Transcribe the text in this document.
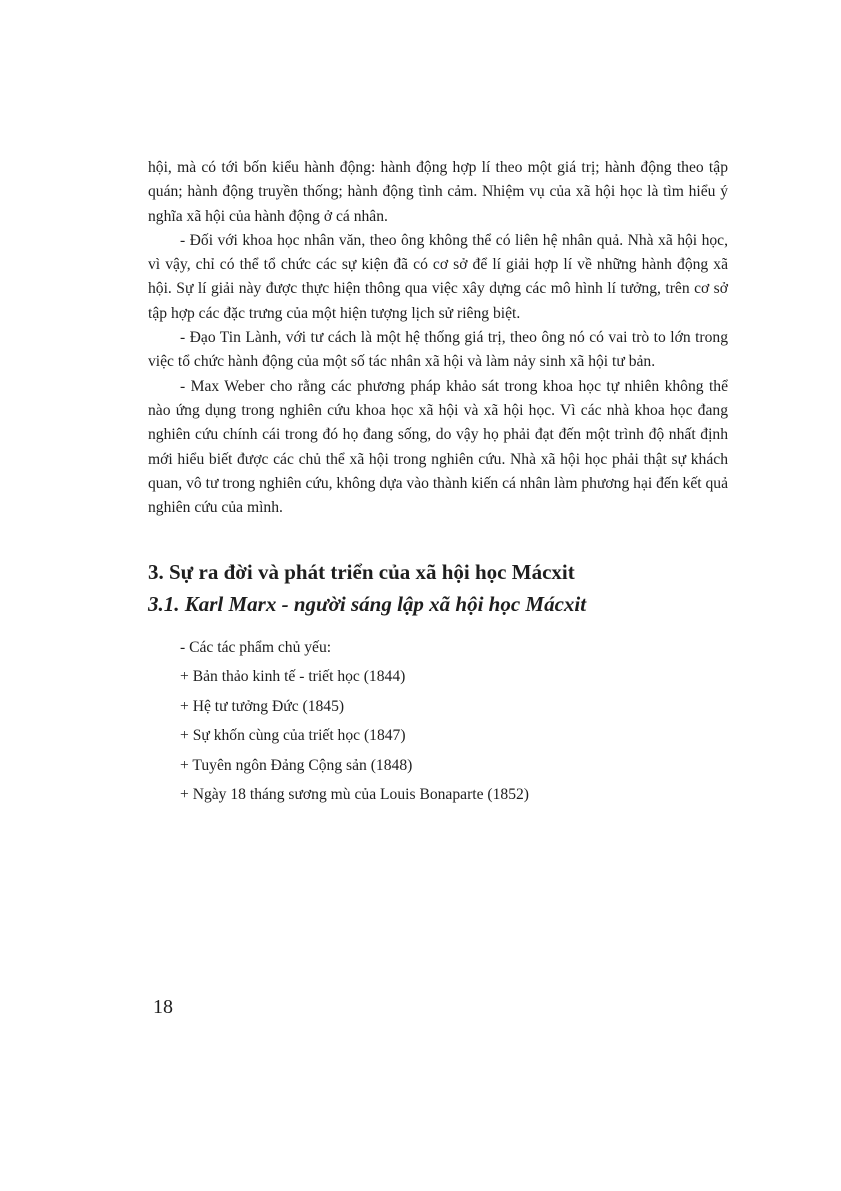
hội, mà có tới bốn kiểu hành động: hành động hợp lí theo một giá trị; hành động theo tập quán; hành động truyền thống; hành động tình cảm. Nhiệm vụ của xã hội học là tìm hiểu ý nghĩa xã hội của hành động ở cá nhân.

- Đối với khoa học nhân văn, theo ông không thể có liên hệ nhân quả. Nhà xã hội học, vì vậy, chỉ có thể tổ chức các sự kiện đã có cơ sở để lí giải hợp lí về những hành động xã hội. Sự lí giải này được thực hiện thông qua việc xây dựng các mô hình lí tưởng, trên cơ sở tập hợp các đặc trưng của một hiện tượng lịch sử riêng biệt.

- Đạo Tin Lành, với tư cách là một hệ thống giá trị, theo ông nó có vai trò to lớn trong việc tổ chức hành động của một số tác nhân xã hội và làm nảy sinh xã hội tư bản.

- Max Weber cho rằng các phương pháp khảo sát trong khoa học tự nhiên không thể nào ứng dụng trong nghiên cứu khoa học xã hội và xã hội học. Vì các nhà khoa học đang nghiên cứu chính cái trong đó họ đang sống, do vậy họ phải đạt đến một trình độ nhất định mới hiểu biết được các chủ thể xã hội trong nghiên cứu. Nhà xã hội học phải thật sự khách quan, vô tư trong nghiên cứu, không dựa vào thành kiến cá nhân làm phương hại đến kết quả nghiên cứu của mình.

3. Sự ra đời và phát triển của xã hội học Mácxit
3.1. Karl Marx - người sáng lập xã hội học Mácxit

- Các tác phẩm chủ yếu:

+ Bản thảo kinh tế - triết học (1844)
+ Hệ tư tưởng Đức (1845)
+ Sự khốn cùng của triết học (1847)
+ Tuyên ngôn Đảng Cộng sản (1848)
+ Ngày 18 tháng sương mù của Louis Bonaparte (1852)
18
